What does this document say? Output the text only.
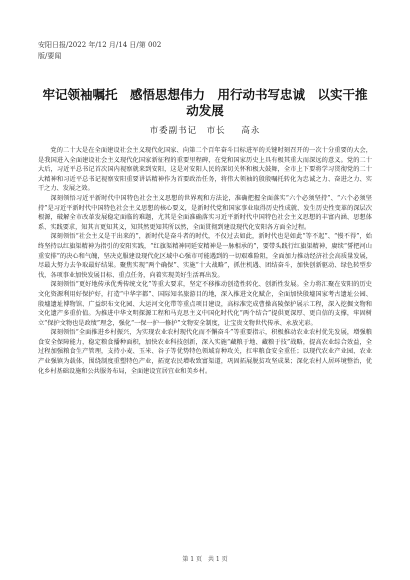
安阳日报/2022 年/12 月/14 日/第 002
版/要闻
牢记领袖嘱托　感悟思想伟力　用行动书写忠诚　以实干推
动发展
市委副书记　市长 高永

党的二十大是在全面建设社会主义现代化国家、向第二个百年奋斗目标进军的关键时刻召开的一次十分重要的大会，是我国进入全面建设社会主义现代化国家新征程的重要里程碑，在党和国家历史上具有极其重大而深远的意义。党的二十大后，习近平总书记首次国内视察就来到安阳，这是对安阳人民的深切关怀和极大鼓舞，全市上下要将学习贯彻党的二十大精神和习近平总书记视察安阳重要讲话精神作为首要政治任务，将伟大领袖的殷殷嘱托转化为忠诚之力、奋进之力、实干之力、发展之效。

深刻领悟习近平新时代中国特色社会主义思想的世界观和方法论，准确把握全面落实“六个必须坚持”、“六个必须坚持”是习近平新时代中国特色社会主义思想的核心要义，是新时代党和国家事业取得历史性成就、发生历史性变革的深层次根源，破解全市改革发展稳定面临的难题，尤其是全面准确落实习近平新时代中国特色社会主义思想的丰富内涵、思想体系、实践要求，知其言更知其义，知其然更知其所以然，全面贯彻到建设现代化安阳各方面全过程。

深刻领悟“社会主义是干出来的”，新时代是奋斗者的时代，不仅过去如此，新时代也是如此“等不起”、“慢不得”，始终坚持以红旗渠精神为指引的安阳实践，“红旗渠精神同延安精神是一脉相承的”，要带头践行红旗渠精神，赓续“誓把河山重安排”的决心和气魄，坚决克服建设现代化区域中心强市可能遇到的一切艰难险阻，全面加力推动经济社会高质量发展，尽最大努力去争取最好结果。聚焦实现“两个确保”、实施“十大战略”，抓住机遇、团结奋斗，加快创新驱动、绿色转型步伐，各项事业加快发展目标、重点任务，向着实现美好生活再出发。

深刻领悟“更好地传承优秀传统文化”等重大要求，坚定不移推动创造性转化、创新性发展。全力将汇聚在安阳的历史文化资源利用好保护好，打造“中华字都”、国际知名旅游目的地，深入推进文化赋企，全面加快殷墟国家考古遗址公园、殷墟遗址博物馆、广益织布文化园、大运河文化带等重点项目建设，高标准完成曹操高陵保护展示工程，深入挖掘文物和文化遗产多重价值。为推进中华文明探源工程和马克思主义中国化时代化“两个结合”提供更深厚、更自信的支撑，牢固树立“保护文物也是政绩”理念，强化“一保一护一修护”文物安全制度，让宝贵文物世代传承、永放光彩。

深刻领悟“全面推进乡村振兴，为实现农业农村现代化而不懈奋斗”等重要指示，积极推动农业农村优先发展，增强粮食安全保障能力，稳定粮食播种面积，加快农业科技创新，深入实施“藏粮于地、藏粮于技”战略，提高农业综合效益，全过程加强粮食生产管理，支持小麦、玉米、谷子等优势特色领域育种攻关，扛牢粮食安全重任；以现代农业产业园、农业产业强镇为载体，围绕制度重塑特色产业，拓宽农民增收致富渠道，巩固拓展脱贫攻坚成果；深化农村人居环境整治，优化乡村基础设施和公共服务布局，全面建设宜居宜业和美乡村。

第 1 页　共 1 页
